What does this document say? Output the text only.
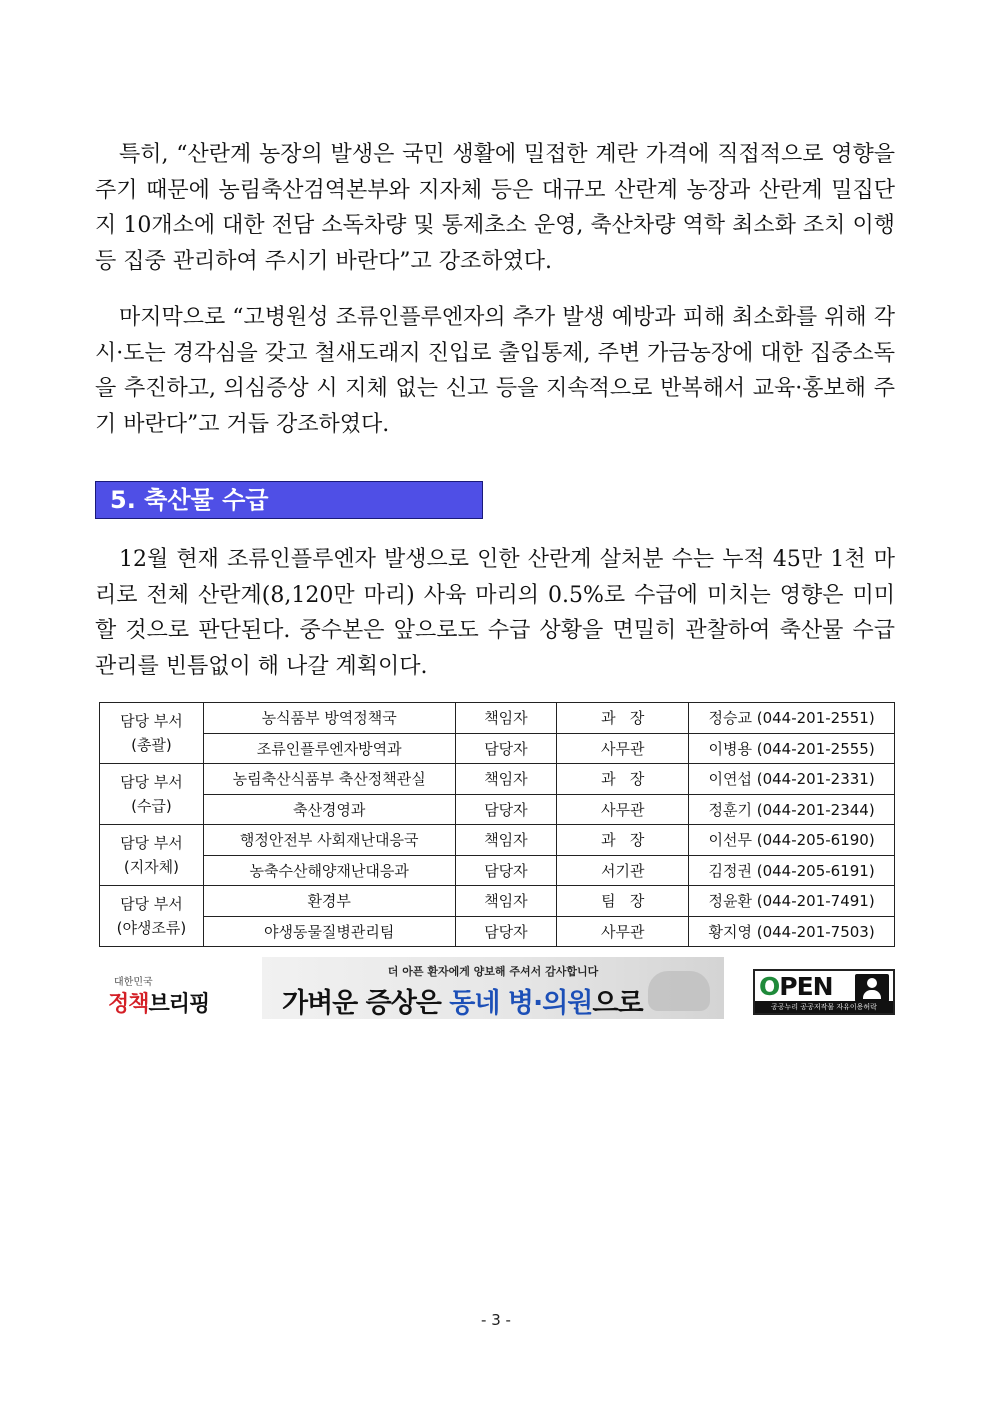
특히, “산란계 농장의 발생은 국민 생활에 밀접한 계란 가격에 직접적으로 영향을 주기 때문에 농림축산검역본부와 지자체 등은 대규모 산란계 농장과 산란계 밀집단지 10개소에 대한 전담 소독차량 및 통제초소 운영, 축산차량 역학 최소화 조치 이행 등 집중 관리하여 주시기 바란다”고 강조하였다.

마지막으로 “고병원성 조류인플루엔자의 추가 발생 예방과 피해 최소화를 위해 각 시·도는 경각심을 갖고 철새도래지 진입로 출입통제, 주변 가금농장에 대한 집중소독을 추진하고, 의심증상 시 지체 없는 신고 등을 지속적으로 반복해서 교육·홍보해 주기 바란다”고 거듭 강조하였다.

5. 축산물 수급

12월 현재 조류인플루엔자 발생으로 인한 산란계 살처분 수는 누적 45만 1천 마리로 전체 산란계(8,120만 마리) 사육 마리의 0.5%로 수급에 미치는 영향은 미미할 것으로 판단된다. 중수본은 앞으로도 수급 상황을 면밀히 관찰하여 축산물 수급 관리를 빈틈없이 해 나갈 계획이다.

담당 부서
(총괄)	농식품부 방역정책국	책임자	과   장	정승교 (044-201-2551)
	조류인플루엔자방역과	담당자	사무관	이병용 (044-201-2555)
담당 부서
(수급)	농림축산식품부 축산정책관실	책임자	과   장	이연섭 (044-201-2331)
	축산경영과	담당자	사무관	정훈기 (044-201-2344)
담당 부서
(지자체)	행정안전부 사회재난대응국	책임자	과   장	이선무 (044-205-6190)
	농축수산해양재난대응과	담당자	서기관	김정권 (044-205-6191)
담당 부서
(야생조류)	환경부	책임자	팀   장	정윤환 (044-201-7491)
	야생동물질병관리팀	담당자	사무관	황지영 (044-201-7503)
대한민국
정책브리핑
더 아픈 환자에게 양보해 주셔서 감사합니다
가벼운 증상은 동네 병·의원으로
OPEN
공공누리 공공저작물 자유이용허락
- 3 -
